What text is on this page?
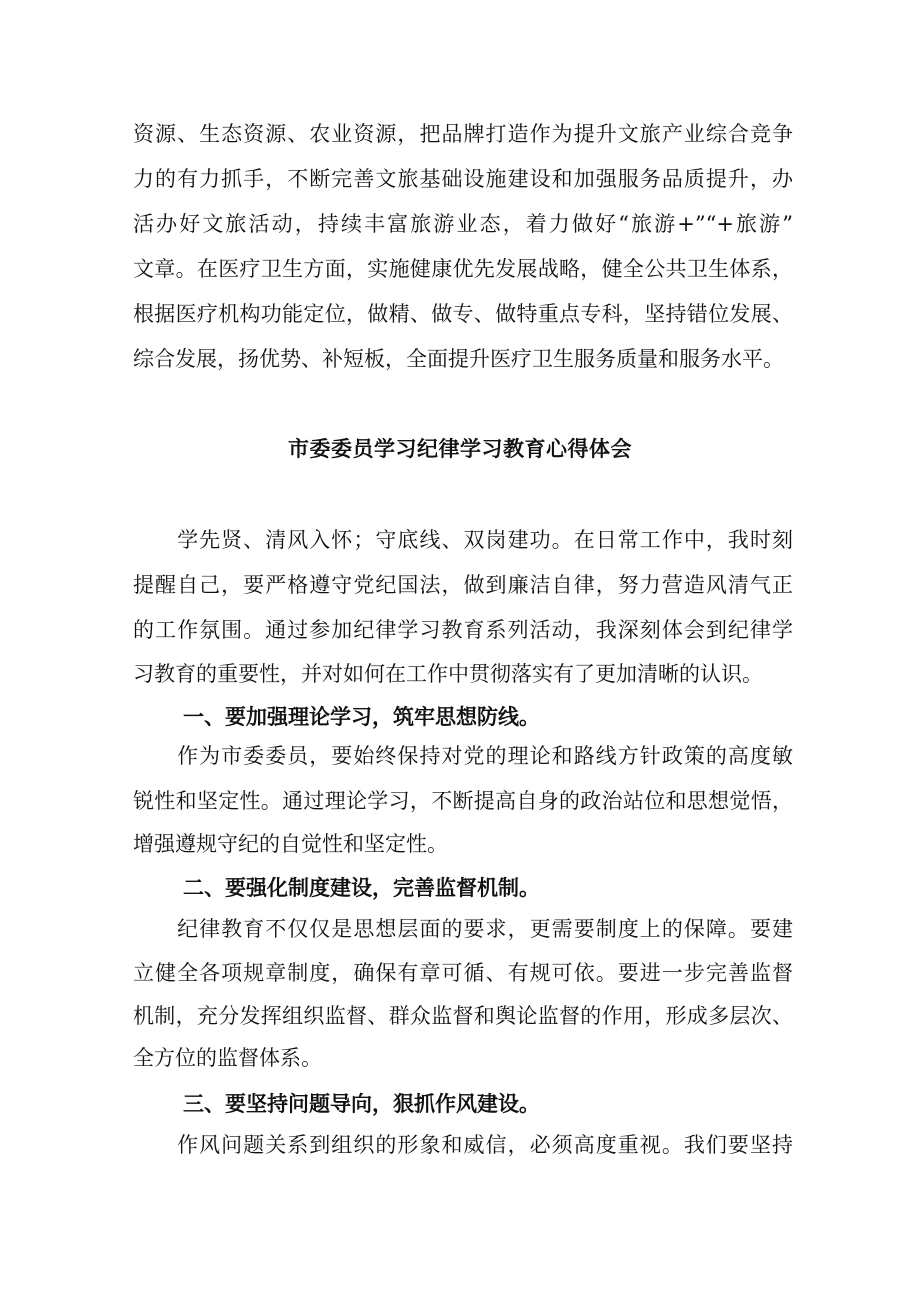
资源、生态资源、农业资源，把品牌打造作为提升文旅产业综合竞争
力的有力抓手，不断完善文旅基础设施建设和加强服务品质提升，办
活办好文旅活动，持续丰富旅游业态，着力做好“旅游+”“+旅游”
文章。在医疗卫生方面，实施健康优先发展战略，健全公共卫生体系，
根据医疗机构功能定位，做精、做专、做特重点专科，坚持错位发展、
综合发展，扬优势、补短板，全面提升医疗卫生服务质量和服务水平。
市委委员学习纪律学习教育心得体会
　　学先贤、清风入怀；守底线、双岗建功。在日常工作中，我时刻
提醒自己，要严格遵守党纪国法，做到廉洁自律，努力营造风清气正
的工作氛围。通过参加纪律学习教育系列活动，我深刻体会到纪律学
习教育的重要性，并对如何在工作中贯彻落实有了更加清晰的认识。
一、要加强理论学习，筑牢思想防线。
　　作为市委委员，要始终保持对党的理论和路线方针政策的高度敏
锐性和坚定性。通过理论学习，不断提高自身的政治站位和思想觉悟，
增强遵规守纪的自觉性和坚定性。
二、要强化制度建设，完善监督机制。
　　纪律教育不仅仅是思想层面的要求，更需要制度上的保障。要建
立健全各项规章制度，确保有章可循、有规可依。要进一步完善监督
机制，充分发挥组织监督、群众监督和舆论监督的作用，形成多层次、
全方位的监督体系。
三、要坚持问题导向，狠抓作风建设。
　　作风问题关系到组织的形象和威信，必须高度重视。我们要坚持
